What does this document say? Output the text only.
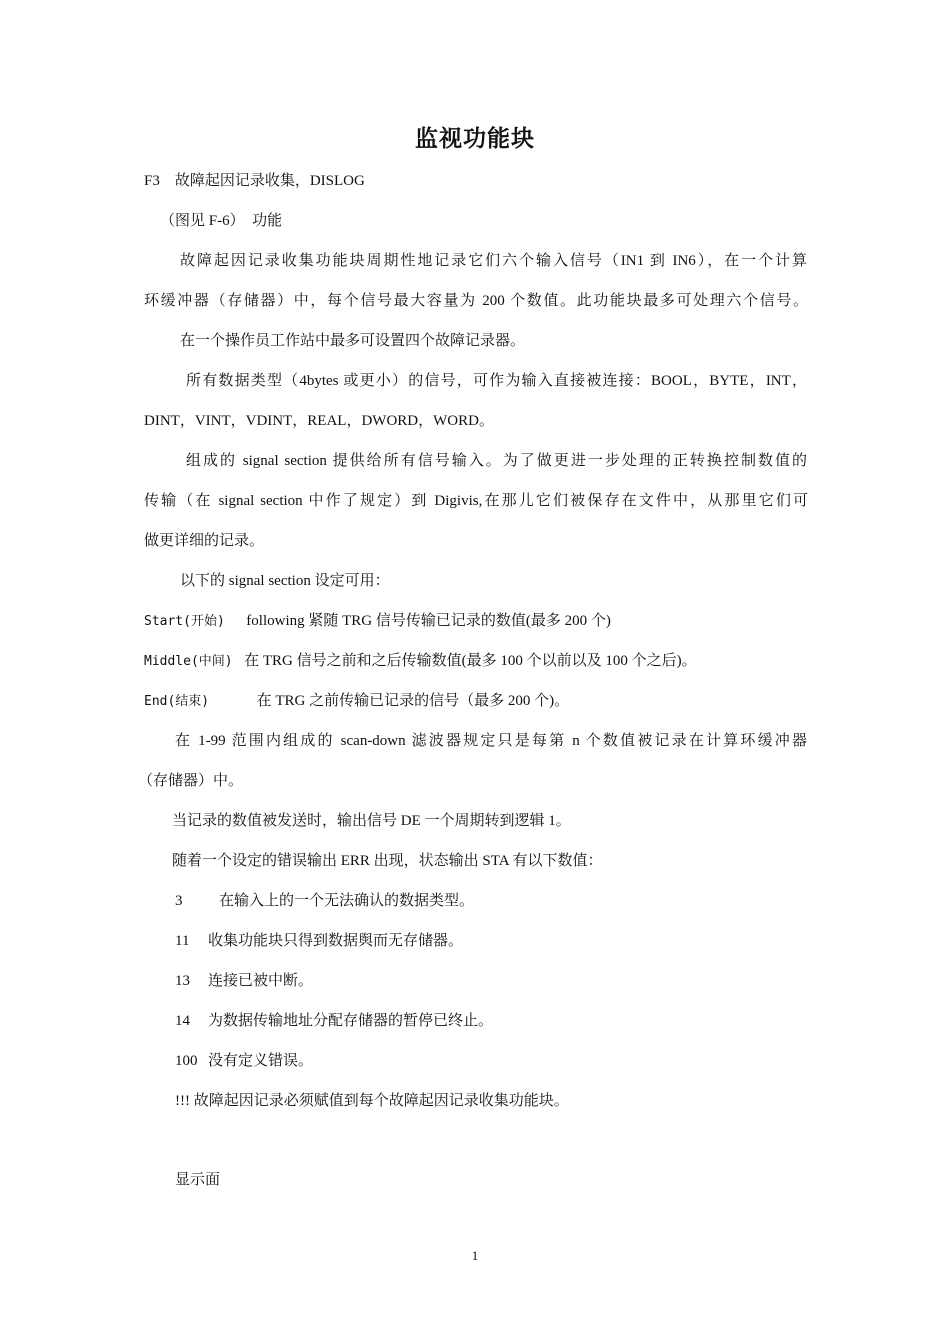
监视功能块
F3　故障起因记录收集，DISLOG
（图见 F-6）　功能
故障起因记录收集功能块周期性地记录它们六个输入信号（IN1 到 IN6），在一个计算
环缓冲器（存储器）中，每个信号最大容量为 200 个数值。此功能块最多可处理六个信号。
在一个操作员工作站中最多可设置四个故障记录器。
所有数据类型（4bytes 或更小）的信号，可作为输入直接被连接：BOOL，BYTE，INT，
DINT，VINT，VDINT，REAL，DWORD，WORD。
组成的 signal section 提供给所有信号输入。为了做更进一步处理的正转换控制数值的
传输（在 signal section 中作了规定）到 Digivis,在那儿它们被保存在文件中，从那里它们可
做更详细的记录。
以下的 signal section 设定可用：
Start(开始) following 紧随 TRG 信号传输已记录的数值(最多 200 个)
Middle(中间) 在 TRG 信号之前和之后传输数值(最多 100 个以前以及 100 个之后)。
End(结束)	在 TRG 之前传输已记录的信号（最多 200 个)。
在 1-99 范围内组成的 scan-down 滤波器规定只是每第 n 个数值被记录在计算环缓冲器
（存储器）中。
当记录的数值被发送时，输出信号 DE 一个周期转到逻辑 1。
随着一个设定的错误输出 ERR 出现，状态输出 STA 有以下数值：
3 在输入上的一个无法确认的数据类型。
11 收集功能块只得到数据舆而无存储器。
13 连接已被中断。
14 为数据传输地址分配存储器的暂停已终止。
100 没有定义错误。
!!! 故障起因记录必须赋值到每个故障起因记录收集功能块。
显示面
1
